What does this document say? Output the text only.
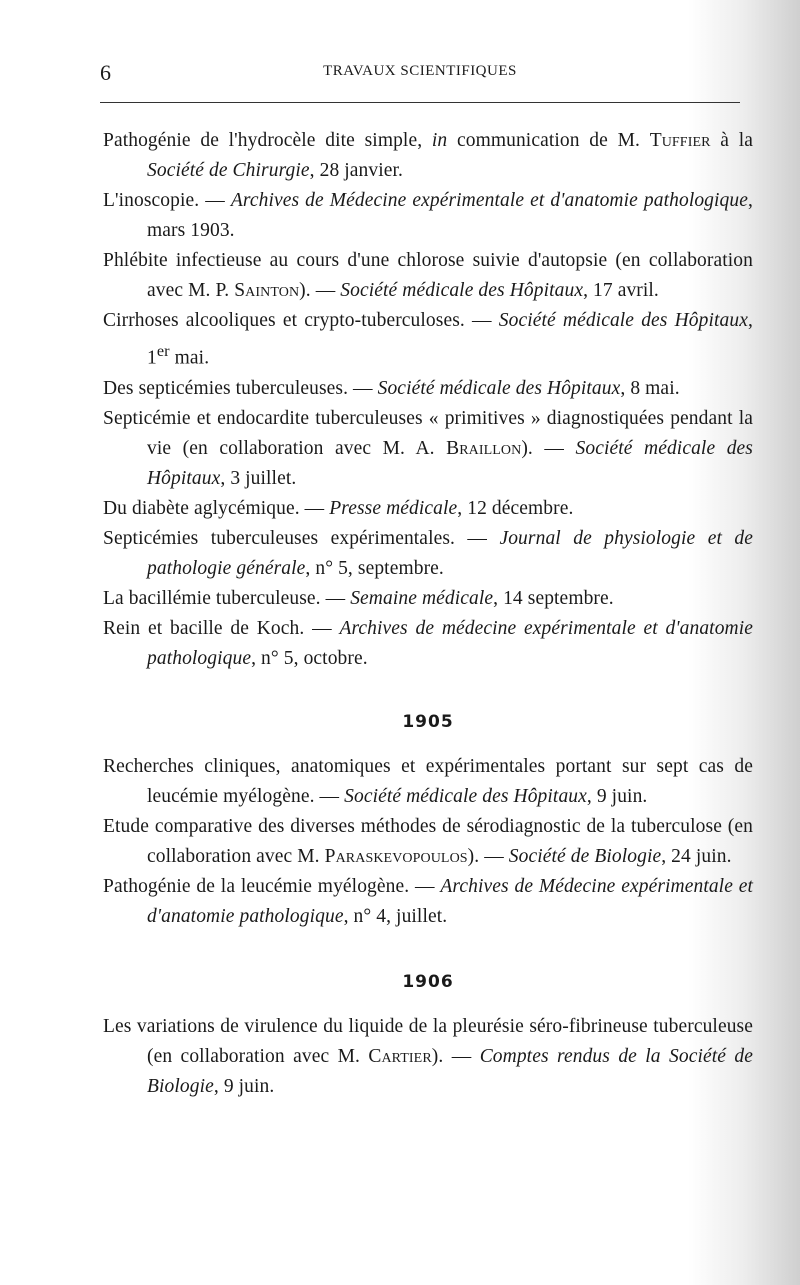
6	TRAVAUX SCIENTIFIQUES
Pathogénie de l'hydrocèle dite simple, in communication de M. Tuffier à la Société de Chirurgie, 28 janvier.
L'inoscopie. — Archives de Médecine expérimentale et d'anatomie pathologique, mars 1903.
Phlébite infectieuse au cours d'une chlorose suivie d'autopsie (en collaboration avec M. P. Sainton). — Société médicale des Hôpitaux, 17 avril.
Cirrhoses alcooliques et crypto-tuberculoses. — Société médicale des Hôpitaux, 1er mai.
Des septicémies tuberculeuses. — Société médicale des Hôpitaux, 8 mai.
Septicémie et endocardite tuberculeuses « primitives » diagnostiquées pendant la vie (en collaboration avec M. A. Braillon). — Société médicale des Hôpitaux, 3 juillet.
Du diabète aglycémique. — Presse médicale, 12 décembre.
Septicémies tuberculeuses expérimentales. — Journal de physiologie et de pathologie générale, n° 5, septembre.
La bacillémie tuberculeuse. — Semaine médicale, 14 septembre.
Rein et bacille de Koch. — Archives de médecine expérimentale et d'anatomie pathologique, n° 5, octobre.
1905
Recherches cliniques, anatomiques et expérimentales portant sur sept cas de leucémie myélogène. — Société médicale des Hôpitaux, 9 juin.
Etude comparative des diverses méthodes de sérodiagnostic de la tuberculose (en collaboration avec M. Paraskevopoulos). — Société de Biologie, 24 juin.
Pathogénie de la leucémie myélogène. — Archives de Médecine expérimentale et d'anatomie pathologique, n° 4, juillet.
1906
Les variations de virulence du liquide de la pleurésie séro-fibrineuse tuberculeuse (en collaboration avec M. Cartier). — Comptes rendus de la Société de Biologie, 9 juin.
